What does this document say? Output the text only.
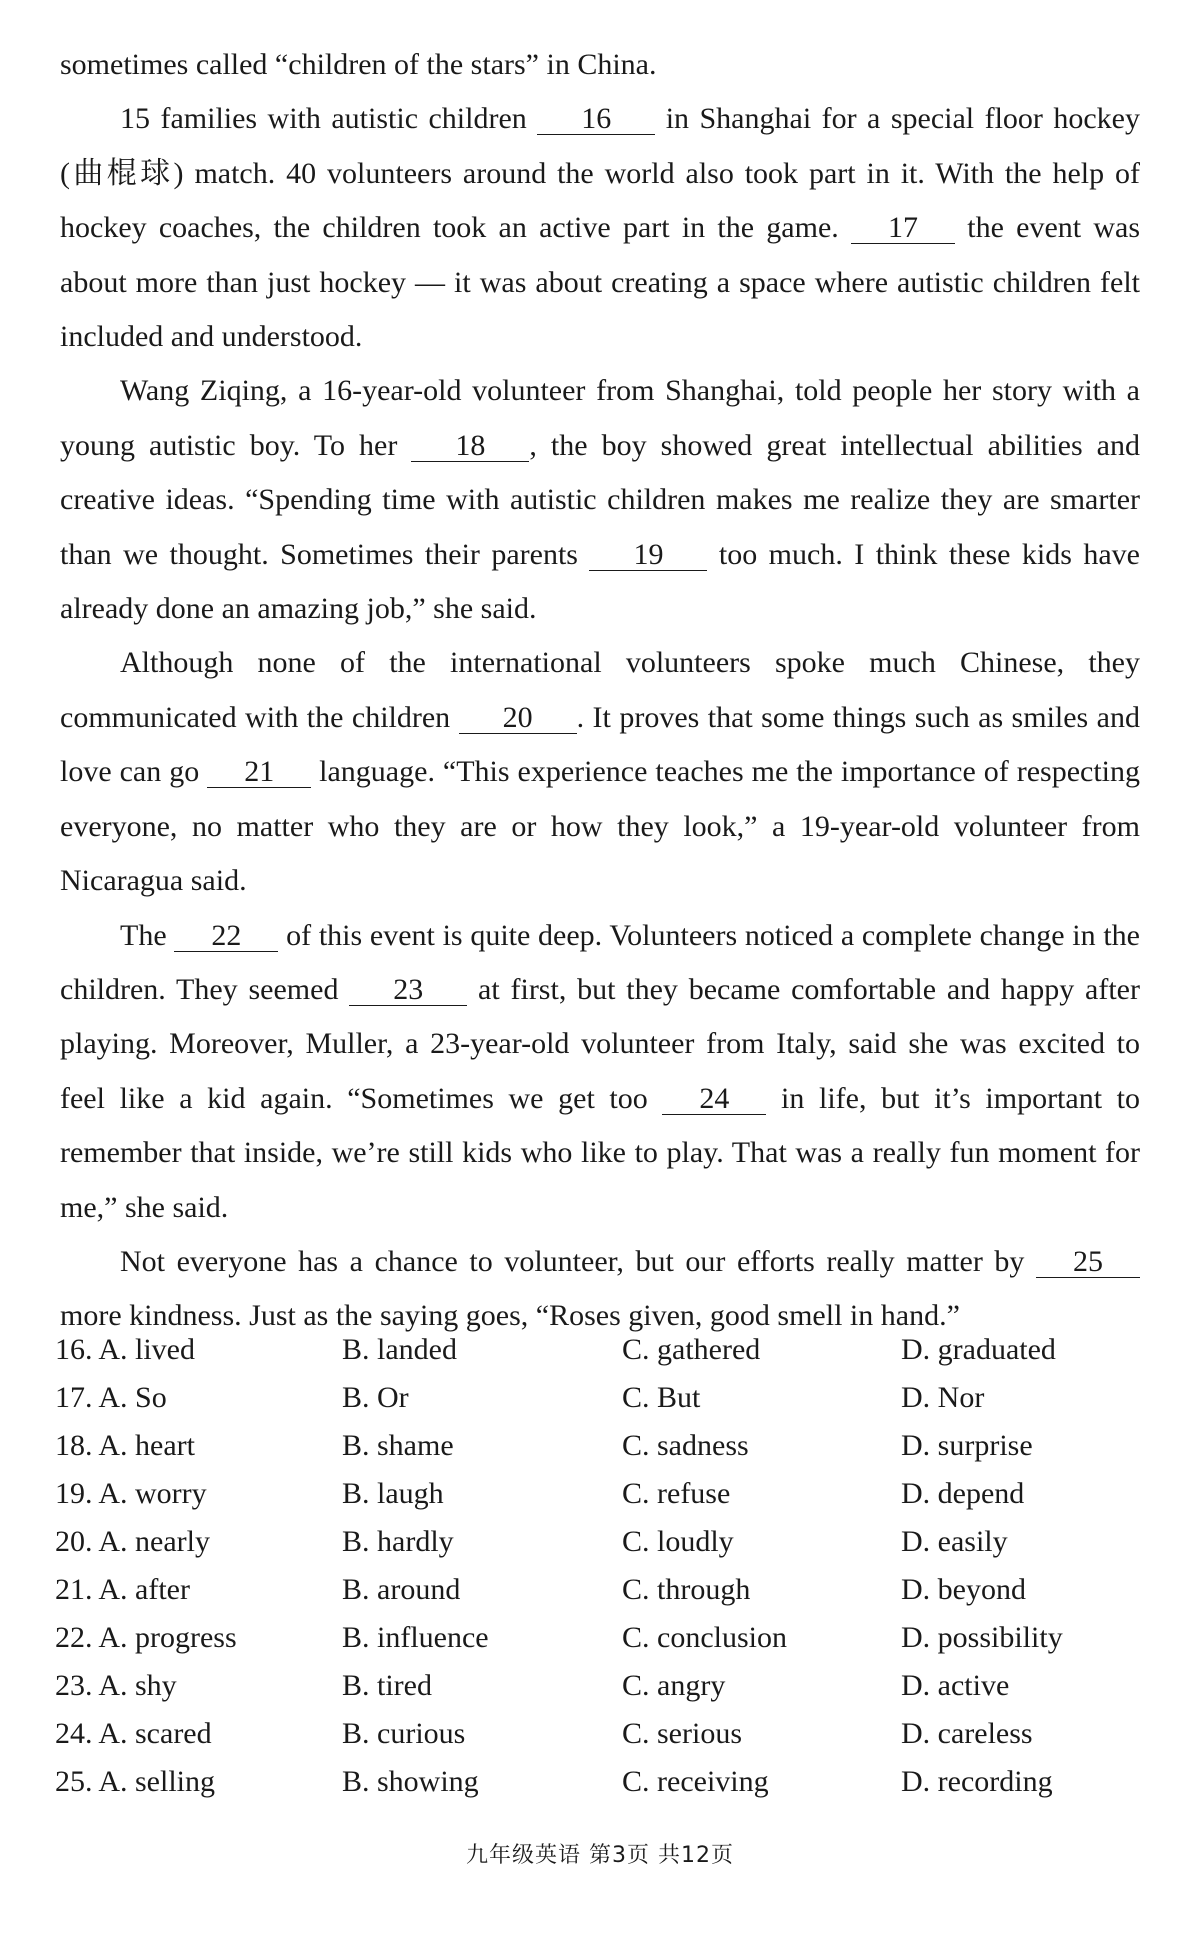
sometimes called “children of the stars” in China.

15 families with autistic children 16 in Shanghai for a special floor hockey (曲棍球) match. 40 volunteers around the world also took part in it. With the help of hockey coaches, the children took an active part in the game. 17 the event was about more than just hockey — it was about creating a space where autistic children felt included and understood.

Wang Ziqing, a 16-year-old volunteer from Shanghai, told people her story with a young autistic boy. To her 18 , the boy showed great intellectual abilities and creative ideas. “Spending time with autistic children makes me realize they are smarter than we thought. Sometimes their parents 19 too much. I think these kids have already done an amazing job,” she said.

Although none of the international volunteers spoke much Chinese, they communicated with the children 20 . It proves that some things such as smiles and love can go 21 language. “This experience teaches me the importance of respecting everyone, no matter who they are or how they look,” a 19-year-old volunteer from Nicaragua said.

The 22 of this event is quite deep. Volunteers noticed a complete change in the children. They seemed 23 at first, but they became comfortable and happy after playing. Moreover, Muller, a 23-year-old volunteer from Italy, said she was excited to feel like a kid again. “Sometimes we get too 24 in life, but it’s important to remember that inside, we’re still kids who like to play. That was a really fun moment for me,” she said.

Not everyone has a chance to volunteer, but our efforts really matter by 25 more kindness. Just as the saying goes, “Roses given, good smell in hand.”

16. A. lived	B. landed	C. gathered	D. graduated
17. A. So	B. Or	C. But	D. Nor
18. A. heart	B. shame	C. sadness	D. surprise
19. A. worry	B. laugh	C. refuse	D. depend
20. A. nearly	B. hardly	C. loudly	D. easily
21. A. after	B. around	C. through	D. beyond
22. A. progress	B. influence	C. conclusion	D. possibility
23. A. shy	B. tired	C. angry	D. active
24. A. scared	B. curious	C. serious	D. careless
25. A. selling	B. showing	C. receiving	D. recording
九年级英语 第3页 共12页
